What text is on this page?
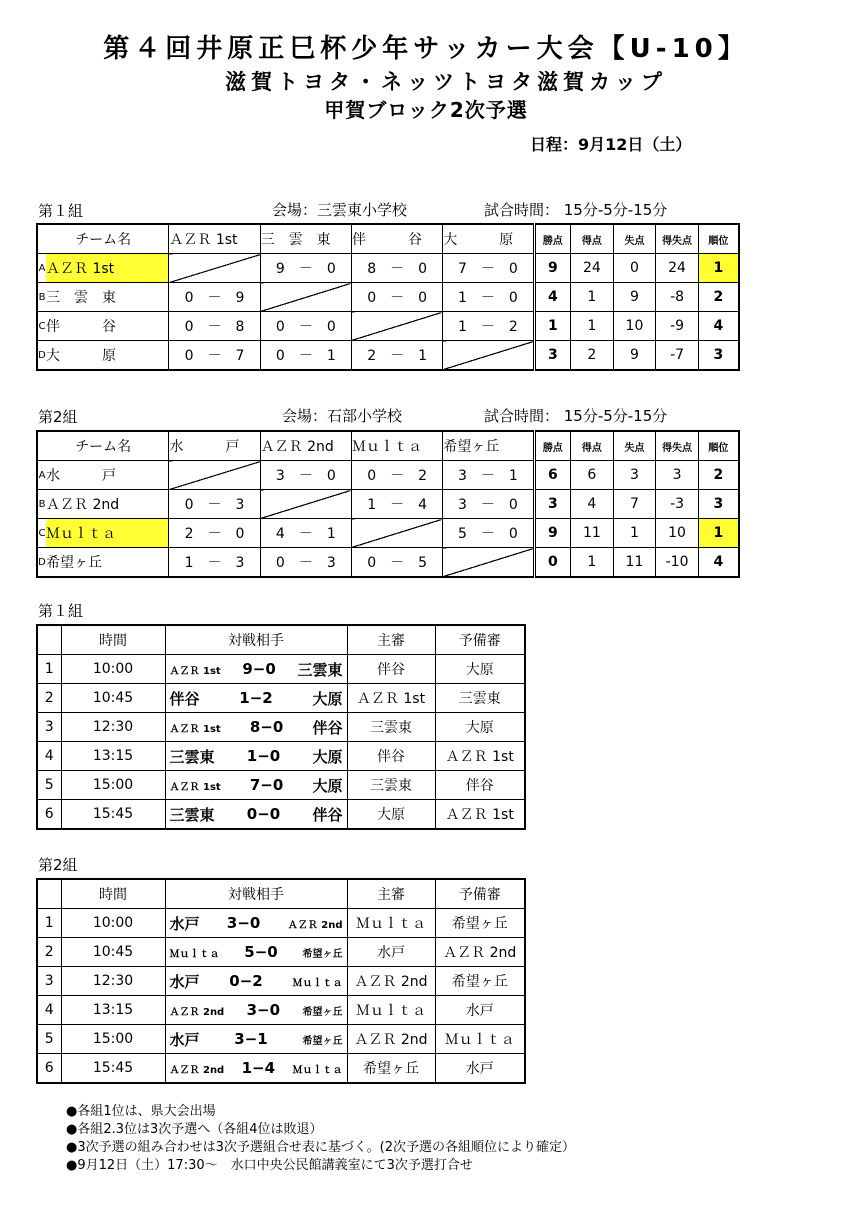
第４回井原正巳杯少年サッカー大会【U-10】
滋賀トヨタ・ネッツトヨタ滋賀カップ
甲賀ブロック2次予選
日程：9月12日（土）
第１組	会場：三雲東小学校	試合時間： 15分-5分-15分
チーム名	ＡＺＲ 1st	三　雲　東	伴　　　谷	大　　　原	勝点	得点	失点	得失点	順位

A ＡＺＲ 1st		9　－　0	8　－　0	7　－　0	9	24	0	24	1

B 三　雲　東	0　－　9		0　－　0	1　－　0	4	1	9	-8	2

C 伴　　　谷	0　－　8	0　－　0		1　－　2	1	1	10	-9	4

D 大　　　原	0　－　7	0　－　1	2　－　1		3	2	9	-7	3
第2組	会場：石部小学校	試合時間： 15分-5分-15分
チーム名	水　　　戸	ＡＺＲ 2nd	Ｍｕｌｔａ	希望ヶ丘	勝点	得点	失点	得失点	順位

A 水　　　戸		3　－　0	0　－　2	3　－　1	6	6	3	3	2

B ＡＺＲ 2nd	0　－　3		1　－　4	3　－　0	3	4	7	-3	3

C Ｍｕｌｔａ	2　－　0	4　－　1		5　－　0	9	11	1	10	1

D 希望ヶ丘	1　－　3	0　－　3	0　－　5		0	1	11	-10	4
第１組
	時間	対戦相手	主審	予備審
1	10:00	ＡＺＲ 1st 9−0 三雲東	伴谷	大原
2	10:45	伴谷 1−2 大原	ＡＺＲ 1st	三雲東
3	12:30	ＡＺＲ 1st 8−0 伴谷	三雲東	大原
4	13:15	三雲東 1−0 大原	伴谷	ＡＺＲ 1st
5	15:00	ＡＺＲ 1st 7−0 大原	三雲東	伴谷
6	15:45	三雲東 0−0 伴谷	大原	ＡＺＲ 1st
第2組
	時間	対戦相手	主審	予備審
1	10:00	水戸 3−0 ＡＺＲ 2nd	Ｍｕｌｔａ	希望ヶ丘
2	10:45	Ｍｕｌｔａ 5−0 希望ヶ丘	水戸	ＡＺＲ 2nd
3	12:30	水戸 0−2 Ｍｕｌｔａ	ＡＺＲ 2nd	希望ヶ丘
4	13:15	ＡＺＲ 2nd 3−0 希望ヶ丘	Ｍｕｌｔａ	水戸
5	15:00	水戸 3−1 希望ヶ丘	ＡＺＲ 2nd	Ｍｕｌｔａ
6	15:45	ＡＺＲ 2nd 1−4 Ｍｕｌｔａ	希望ヶ丘	水戸
●各組1位は、県大会出場
●各組2.3位は3次予選へ（各組4位は敗退）
●3次予選の組み合わせは3次予選組合せ表に基づく。(2次予選の各組順位により確定）
●9月12日（土）17:30〜　水口中央公民館講義室にて3次予選打合せ
